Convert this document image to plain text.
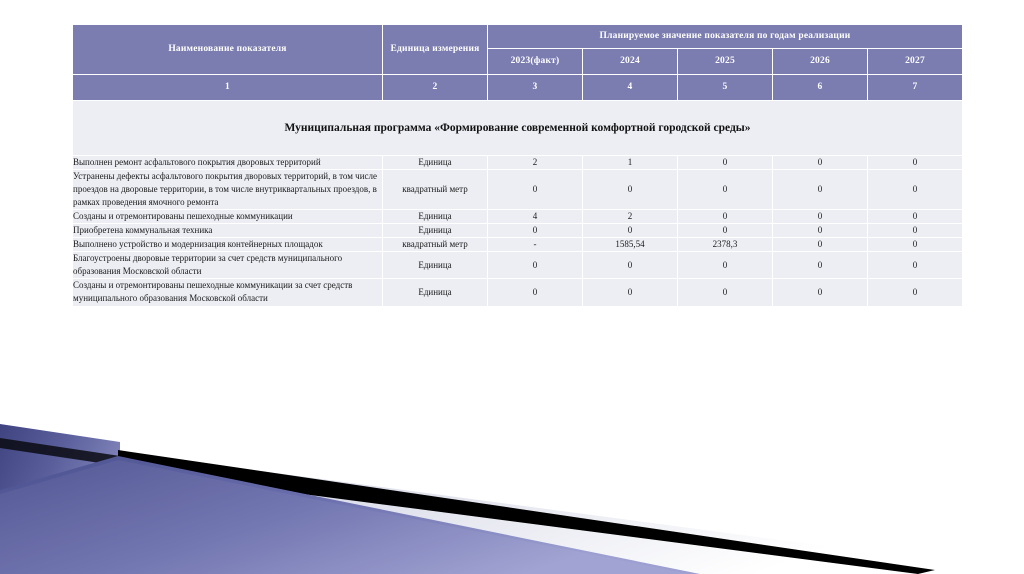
Наименование показателя	Единица измерения	Планируемое значение показателя по годам реализации				
		2023(факт)	2024	2025	2026	2027
1	2	3	4	5	6	7
Муниципальная программа «Формирование современной комфортной городской среды»						
Выполнен ремонт асфальтового покрытия дворовых территорий	Единица	2	1	0	0	0
Устранены дефекты асфальтового покрытия дворовых территорий, в том числе проездов на дворовые территории, в том числе внутриквартальных проездов, в рамках проведения ямочного ремонта	квадратный метр	0	0	0	0	0
Созданы и отремонтированы пешеходные коммуникации	Единица	4	2	0	0	0
Приобретена коммунальная техника	Единица	0	0	0	0	0
Выполнено устройство и модернизация контейнерных площадок	квадратный метр	-	1585,54	2378,3	0	0
Благоустроены дворовые территории за счет средств муниципального образования Московской области	Единица	0	0	0	0	0
Созданы и отремонтированы пешеходные коммуникации за счет средств муниципального образования Московской области	Единица	0	0	0	0	0
